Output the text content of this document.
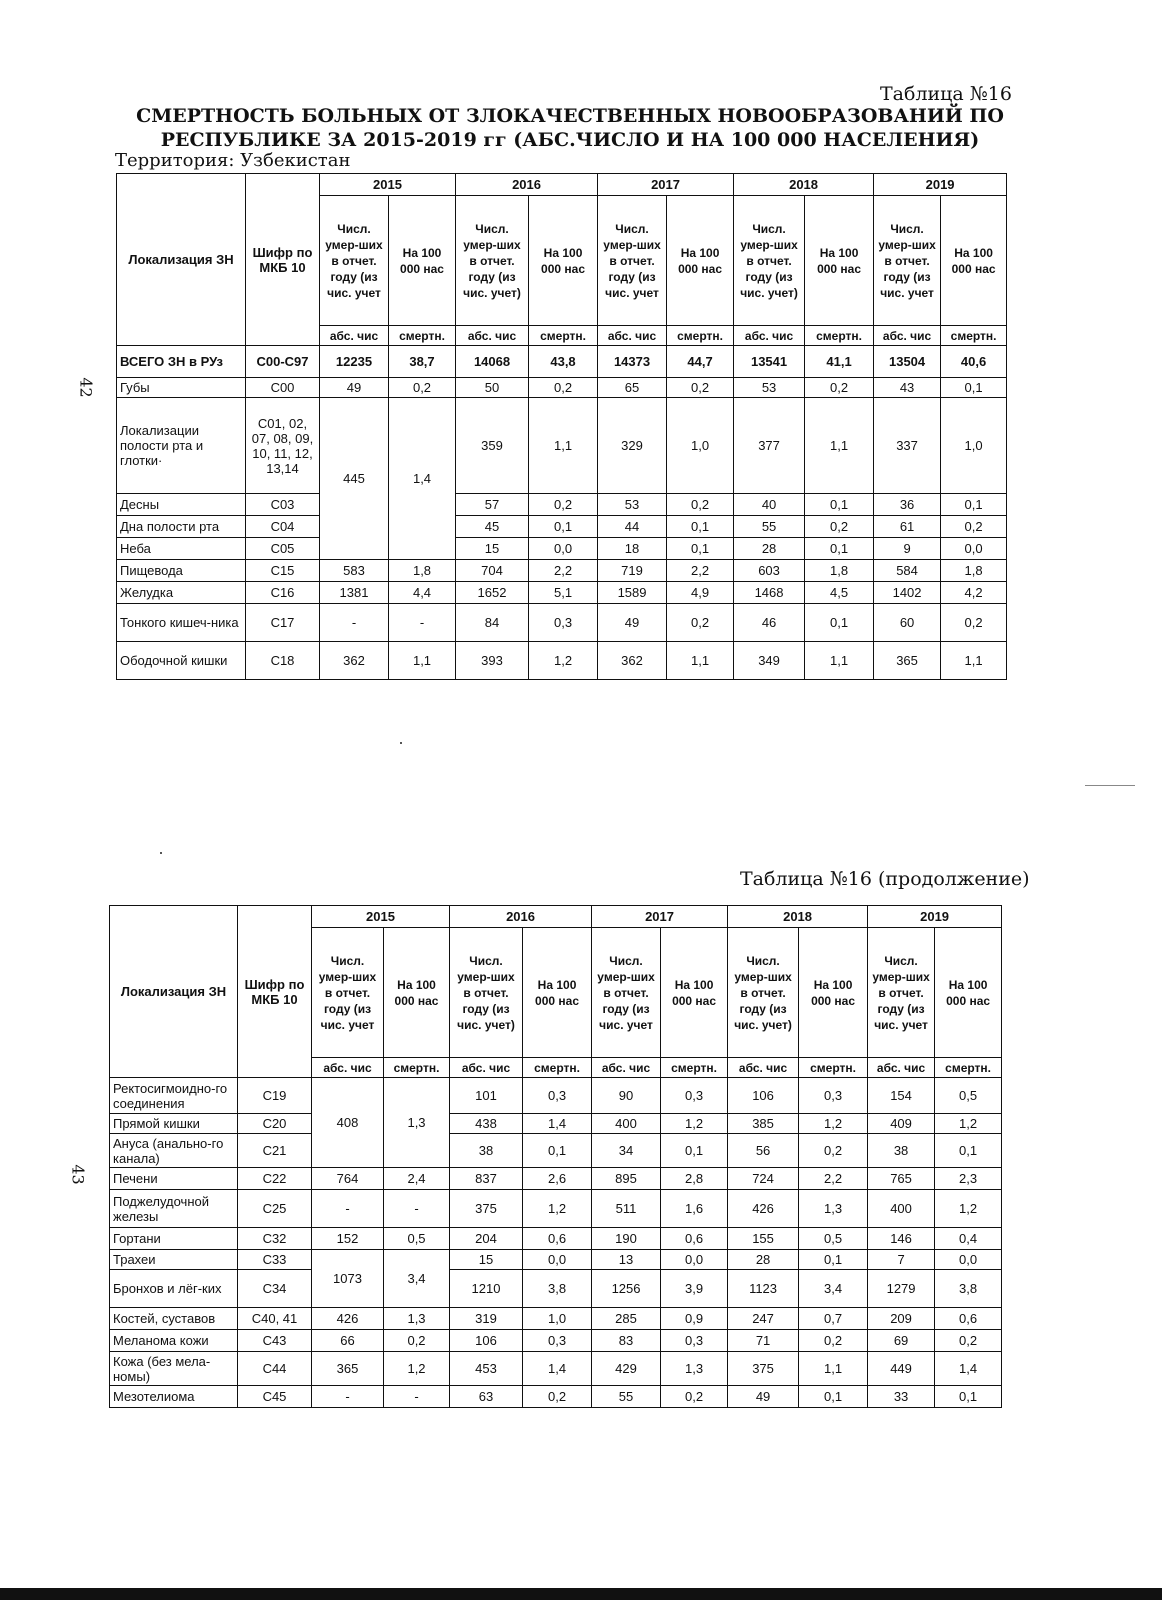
Таблица №16
СМЕРТНОСТЬ БОЛЬНЫХ ОТ ЗЛОКАЧЕСТВЕННЫХ НОВООБРАЗОВАНИЙ ПО РЕСПУБЛИКЕ ЗА 2015-2019 гг (АБС.ЧИСЛО И НА 100 000 НАСЕЛЕНИЯ)
Территория: Узбекистан
Таблица №16 (продолжение)
42
43
Локализация ЗН	Шифр по МКБ 10	2015		2016		2017		2018		2019	
		Числ. умер-ших в отчет. году (из чис. учет	На 100 000 нас	Числ. умер-ших в отчет. году (из чис. учет)	На 100 000 нас	Числ. умер-ших в отчет. году (из чис. учет	На 100 000 нас	Числ. умер-ших в отчет. году (из чис. учет)	На 100 000 нас	Числ. умер-ших в отчет. году (из чис. учет	На 100 000 нас
		абс. чис	смертн.	абс. чис	смертн.	абс. чис	смертн.	абс. чис	смертн.	абс. чис	смертн.
ВСЕГО ЗН в РУз	С00-С97	12235	38,7	14068	43,8	14373	44,7	13541	41,1	13504	40,6
Губы	С00	49	0,2	50	0,2	65	0,2	53	0,2	43	0,1
Локализации полости рта и глотки·	С01, 02, 07, 08, 09, 10, 11, 12, 13,14	445	1,4	359	1,1	329	1,0	377	1,1	337	1,0
Десны	С03			57	0,2	53	0,2	40	0,1	36	0,1
Дна полости рта	С04			45	0,1	44	0,1	55	0,2	61	0,2
Неба	С05			15	0,0	18	0,1	28	0,1	9	0,0
Пищевода	С15	583	1,8	704	2,2	719	2,2	603	1,8	584	1,8
Желудка	С16	1381	4,4	1652	5,1	1589	4,9	1468	4,5	1402	4,2
Тонкого кишеч-ника	С17	-	-	84	0,3	49	0,2	46	0,1	60	0,2
Ободочной кишки	С18	362	1,1	393	1,2	362	1,1	349	1,1	365	1,1
Локализация ЗН	Шифр по МКБ 10	2015		2016		2017		2018		2019	
		Числ. умер-ших в отчет. году (из чис. учет	На 100 000 нас	Числ. умер-ших в отчет. году (из чис. учет)	На 100 000 нас	Числ. умер-ших в отчет. году (из чис. учет	На 100 000 нас	Числ. умер-ших в отчет. году (из чис. учет)	На 100 000 нас	Числ. умер-ших в отчет. году (из чис. учет	На 100 000 нас
		абс. чис	смертн.	абс. чис	смертн.	абс. чис	смертн.	абс. чис	смертн.	абс. чис	смертн.
Ректосигмоидно-го соединения	С19	408	1,3	101	0,3	90	0,3	106	0,3	154	0,5
Прямой кишки	С20			438	1,4	400	1,2	385	1,2	409	1,2
Ануса (анально-го канала)	С21			38	0,1	34	0,1	56	0,2	38	0,1
Печени	С22	764	2,4	837	2,6	895	2,8	724	2,2	765	2,3
Поджелудочной железы	С25	-	-	375	1,2	511	1,6	426	1,3	400	1,2
Гортани	С32	152	0,5	204	0,6	190	0,6	155	0,5	146	0,4
Трахеи	С33	1073	3,4	15	0,0	13	0,0	28	0,1	7	0,0
Бронхов и лёг-ких	С34			1210	3,8	1256	3,9	1123	3,4	1279	3,8
Костей, суставов	С40, 41	426	1,3	319	1,0	285	0,9	247	0,7	209	0,6
Меланома кожи	С43	66	0,2	106	0,3	83	0,3	71	0,2	69	0,2
Кожа (без мела-номы)	С44	365	1,2	453	1,4	429	1,3	375	1,1	449	1,4
Мезотелиома	С45	-	-	63	0,2	55	0,2	49	0,1	33	0,1
